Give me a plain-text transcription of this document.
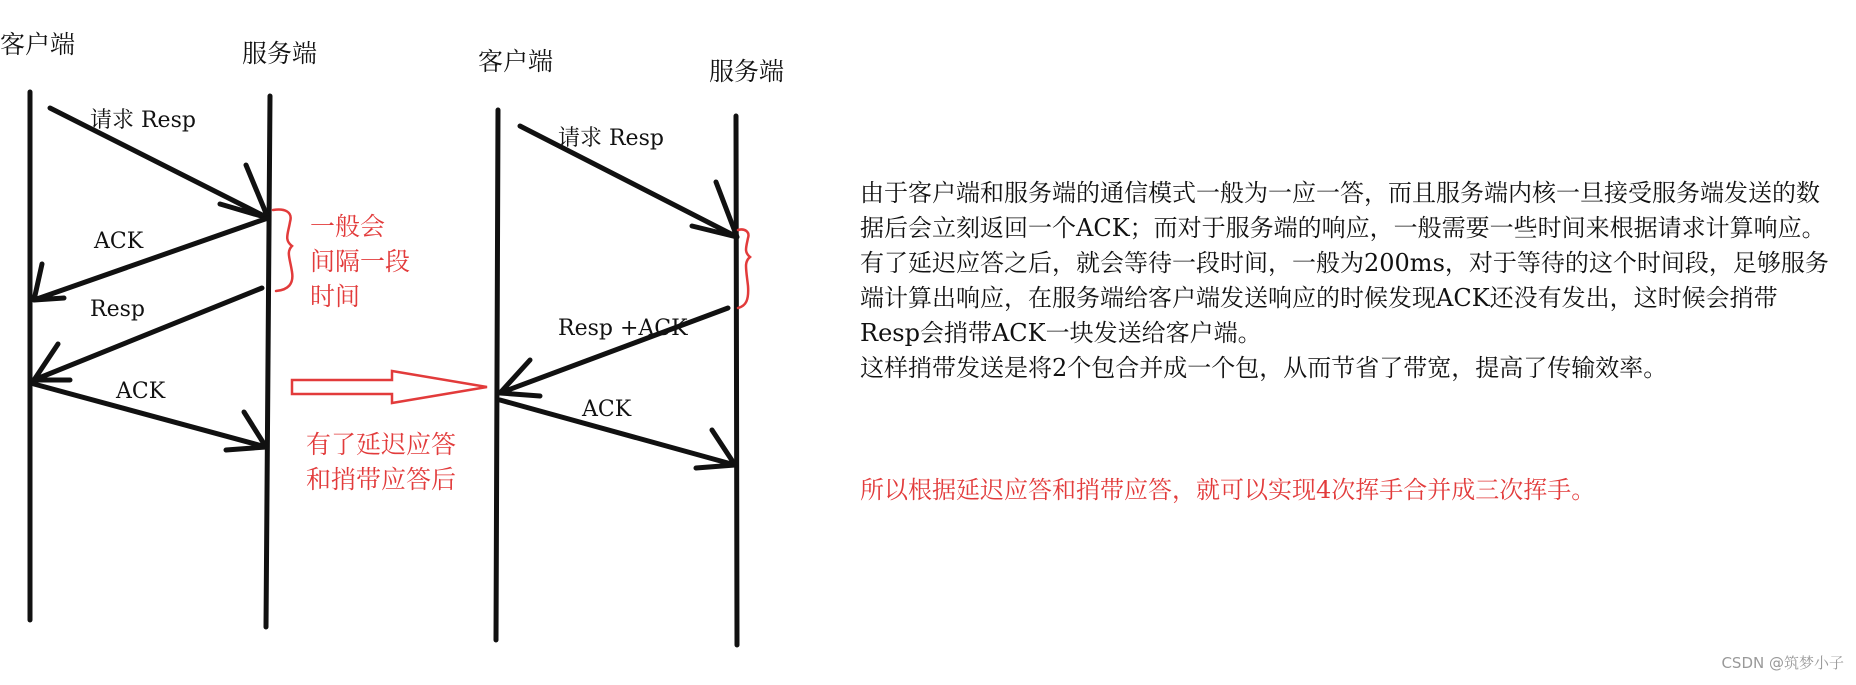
客户端	服务端
请求 Resp
ACK
Resp
ACK
一般会
间隔一段
时间
有了延迟应答
和捎带应答后
客户端	服务端
请求 Resp
Resp +ACK
ACK

由于客户端和服务端的通信模式一般为一应一答，而且服务端内核一旦接受服务端发送的数据后会立刻返回一个ACK；而对于服务端的响应，一般需要一些时间来根据请求计算响应。

有了延迟应答之后，就会等待一段时间，一般为200ms，对于等待的这个时间段，足够服务端计算出响应，在服务端给客户端发送响应的时候发现ACK还没有发出，这时候会捎带Resp会捎带ACK一块发送给客户端。

这样捎带发送是将2个包合并成一个包，从而节省了带宽，提高了传输效率。

所以根据延迟应答和捎带应答，就可以实现4次挥手合并成三次挥手。
CSDN @筑梦小子
